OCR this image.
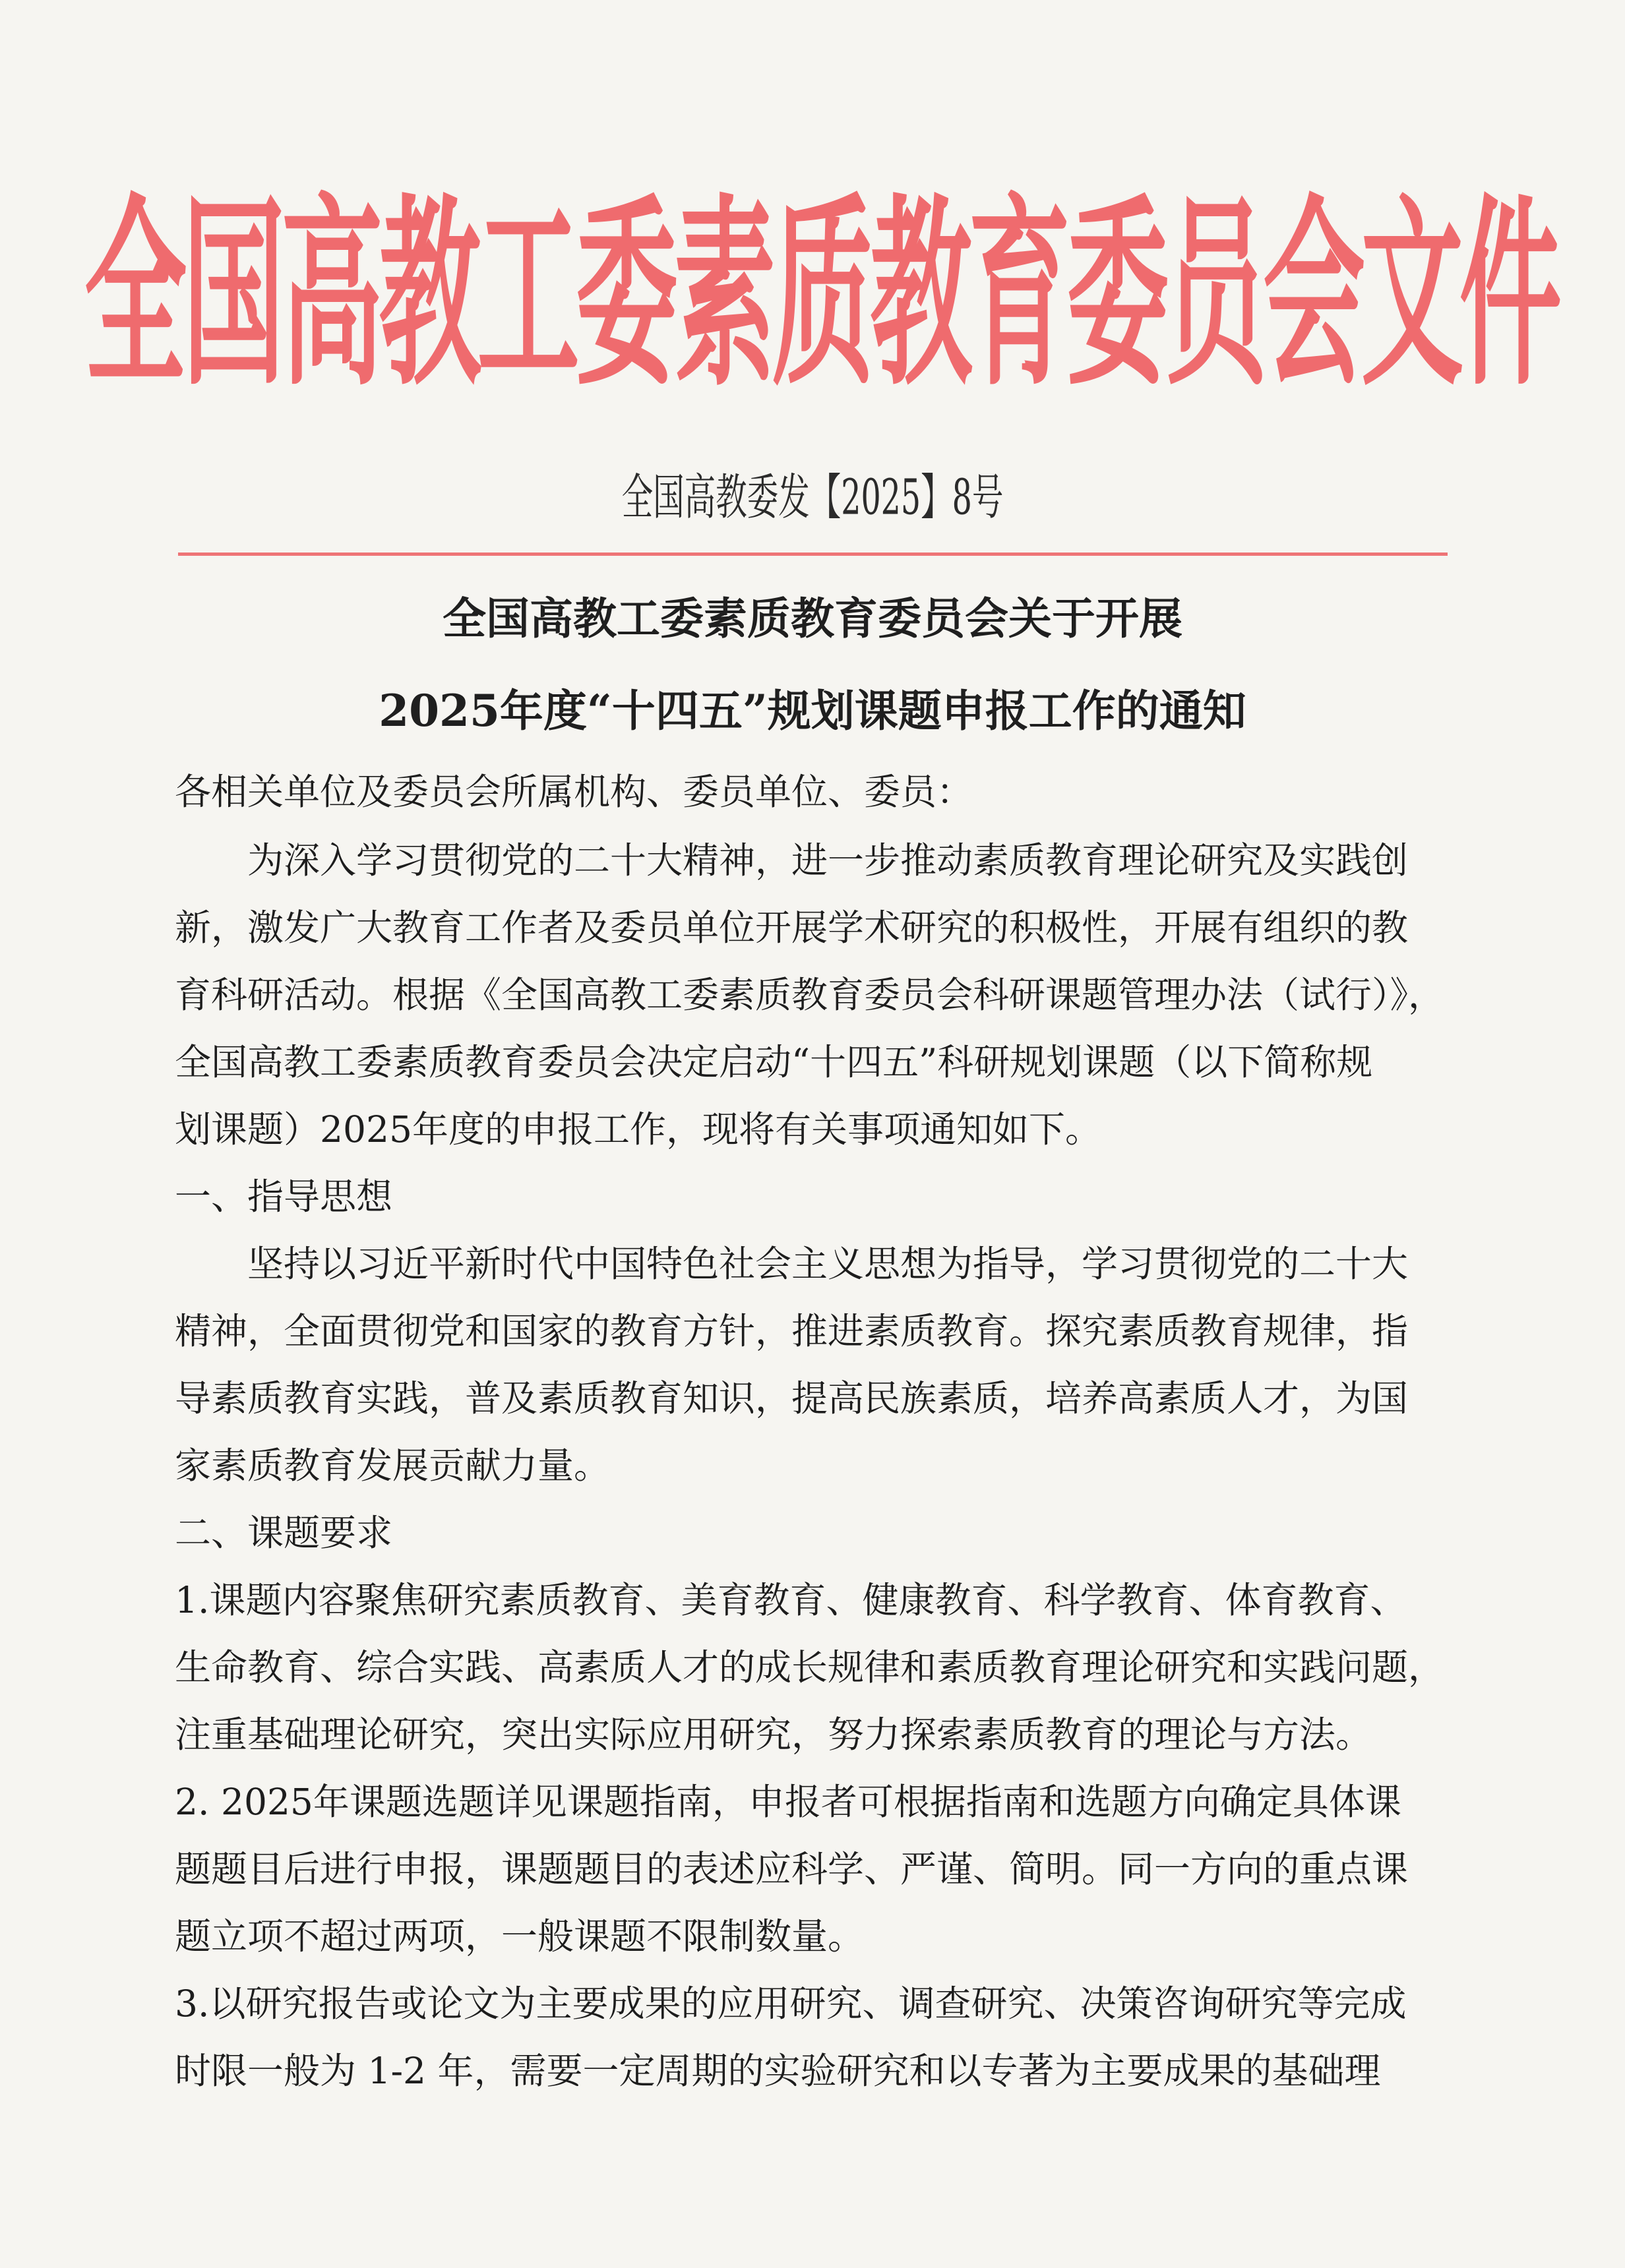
全国高教工委素质教育委员会文件
全国高教委发【2025】8号
全国高教工委素质教育委员会关于开展
2025年度“十四五”规划课题申报工作的通知
各相关单位及委员会所属机构、委员单位、委员：
为深入学习贯彻党的二十大精神，进一步推动素质教育理论研究及实践创
新，激发广大教育工作者及委员单位开展学术研究的积极性，开展有组织的教
育科研活动。根据《全国高教工委素质教育委员会科研课题管理办法（试行）》，
全国高教工委素质教育委员会决定启动“十四五”科研规划课题（以下简称规
划课题）2025年度的申报工作，现将有关事项通知如下。
一、指导思想
坚持以习近平新时代中国特色社会主义思想为指导，学习贯彻党的二十大
精神，全面贯彻党和国家的教育方针，推进素质教育。探究素质教育规律，指
导素质教育实践，普及素质教育知识，提高民族素质，培养高素质人才，为国
家素质教育发展贡献力量。
二、课题要求
1.课题内容聚焦研究素质教育、美育教育、健康教育、科学教育、体育教育、
生命教育、综合实践、高素质人才的成长规律和素质教育理论研究和实践问题，
注重基础理论研究，突出实际应用研究，努力探索素质教育的理论与方法。
2. 2025年课题选题详见课题指南，申报者可根据指南和选题方向确定具体课
题题目后进行申报，课题题目的表述应科学、严谨、简明。同一方向的重点课
题立项不超过两项，一般课题不限制数量。
3.以研究报告或论文为主要成果的应用研究、调查研究、决策咨询研究等完成
时限一般为 1-2 年，需要一定周期的实验研究和以专著为主要成果的基础理
